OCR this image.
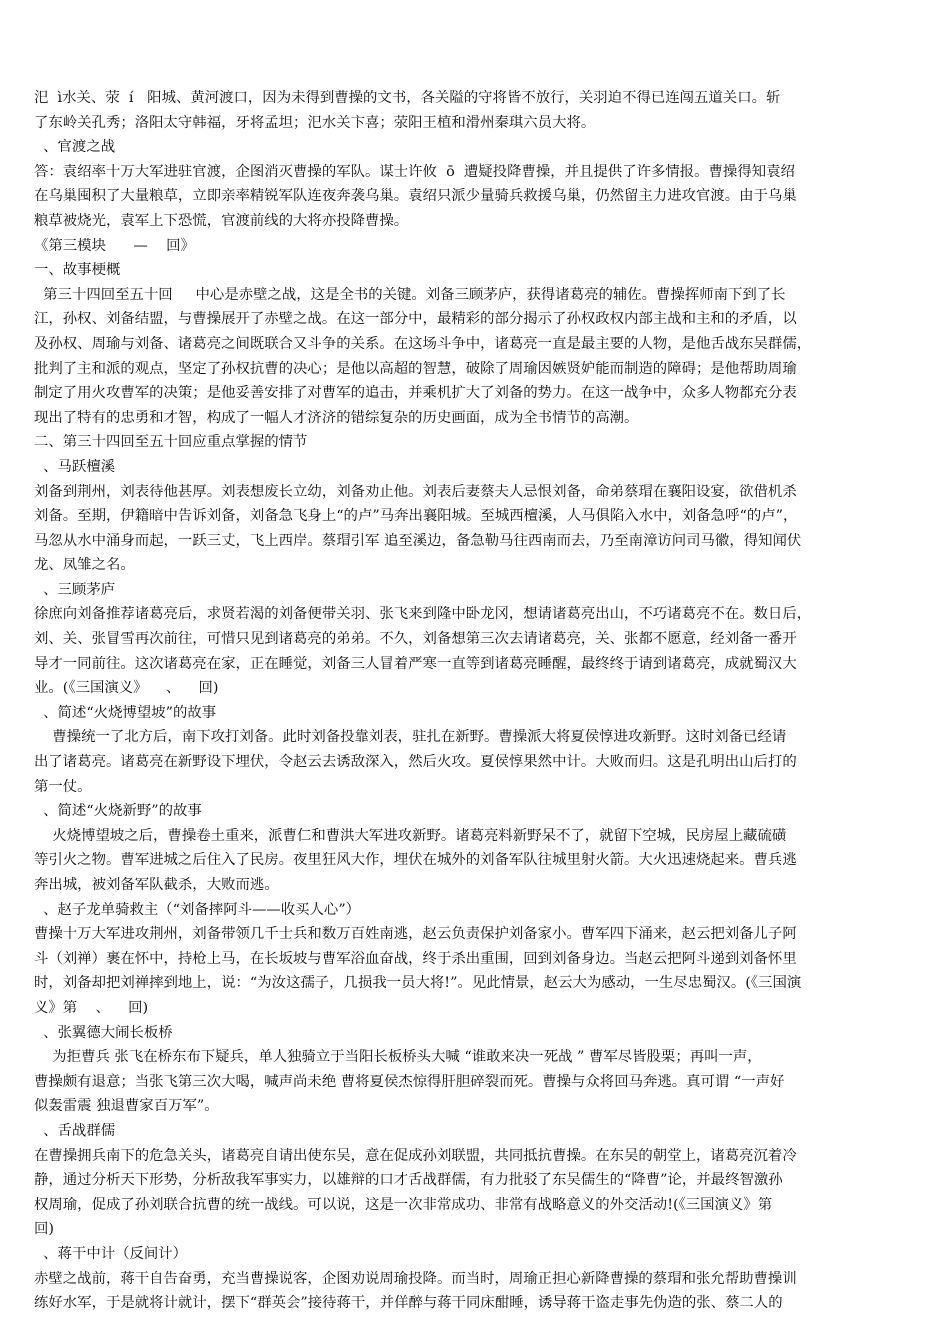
汜  ì水关、荥  í   阳城、黄河渡口，因为未得到曹操的文书，各关隘的守将皆不放行，关羽迫不得已连闯五道关口。斩

了东岭关孔秀；洛阳太守韩福，牙将孟坦；汜水关卞喜；荥阳王植和滑州秦琪六员大将。

、官渡之战

答：袁绍率十万大军进驻官渡，企图消灭曹操的军队。谋士许攸  ō  遭疑投降曹操，并且提供了许多情报。曹操得知袁绍

在乌巢囤积了大量粮草，立即亲率精锐军队连夜奔袭乌巢。袁绍只派少量骑兵救援乌巢，仍然留主力进攻官渡。由于乌巢

粮草被烧光，袁军上下恐慌，官渡前线的大将亦投降曹操。

《第三模块      —    回》

一、故事梗概

第三十四回至五十回     中心是赤壁之战，这是全书的关键。刘备三顾茅庐，获得诸葛亮的辅佐。曹操挥师南下到了长

江，孙权、刘备结盟，与曹操展开了赤壁之战。在这一部分中，最精彩的部分揭示了孙权政权内部主战和主和的矛盾，以

及孙权、周瑜与刘备、诸葛亮之间既联合又斗争的关系。在这场斗争中，诸葛亮一直是最主要的人物，是他舌战东吴群儒，

批判了主和派的观点，坚定了孙权抗曹的决心；是他以高超的智慧，破除了周瑜因嫉贤妒能而制造的障碍；是他帮助周瑜

制定了用火攻曹军的决策；是他妥善安排了对曹军的追击，并乘机扩大了刘备的势力。在这一战争中，众多人物都充分表

现出了特有的忠勇和才智，构成了一幅人才济济的错综复杂的历史画面，成为全书情节的高潮。

二、第三十四回至五十回应重点掌握的情节

、马跃檀溪

刘备到荆州，刘表待他甚厚。刘表想废长立幼，刘备劝止他。刘表后妻蔡夫人忌恨刘备，命弟蔡瑁在襄阳设宴，欲借机杀

刘备。至期，伊籍暗中告诉刘备，刘备急飞身上“的卢”马奔出襄阳城。至城西檀溪，人马俱陷入水中，刘备急呼“的卢”，

马忽从水中涌身而起，一跃三丈，飞上西岸。蔡瑁引军 追至溪边，备急勒马往西南而去，乃至南漳访问司马徽，得知闻伏

龙、凤雏之名。

、三顾茅庐

徐庶向刘备推荐诸葛亮后，求贤若渴的刘备便带关羽、张飞来到隆中卧龙冈，想请诸葛亮出山，不巧诸葛亮不在。数日后，

刘、关、张冒雪再次前往，可惜只见到诸葛亮的弟弟。不久，刘备想第三次去请诸葛亮，关、张都不愿意，经刘备一番开

导才一同前往。这次诸葛亮在家，正在睡觉，刘备三人冒着严寒一直等到诸葛亮睡醒，最终终于请到诸葛亮，成就蜀汉大

业。(《三国演义》    、    回)

、简述“火烧博望坡”的故事

曹操统一了北方后，南下攻打刘备。此时刘备投靠刘表，驻扎在新野。曹操派大将夏侯惇进攻新野。这时刘备已经请

出了诸葛亮。诸葛亮在新野设下埋伏，令赵云去诱敌深入，然后火攻。夏侯惇果然中计。大败而归。这是孔明出山后打的

第一仗。

、简述“火烧新野”的故事

火烧博望坡之后，曹操卷土重来，派曹仁和曹洪大军进攻新野。诸葛亮料新野呆不了，就留下空城，民房屋上藏硫磺

等引火之物。曹军进城之后住入了民房。夜里狂风大作，埋伏在城外的刘备军队往城里射火箭。大火迅速烧起来。曹兵逃

奔出城，被刘备军队截杀，大败而逃。

、赵子龙单骑救主（“刘备摔阿斗——收买人心”）

曹操十万大军进攻荆州，刘备带领几千士兵和数万百姓南逃，赵云负责保护刘备家小。曹军四下涌来，赵云把刘备儿子阿

斗（刘禅）裹在怀中，持枪上马，在长坂坡与曹军浴血奋战，终于杀出重围，回到刘备身边。当赵云把阿斗递到刘备怀里

时，刘备却把刘禅摔到地上，说：“为汝这孺子，几损我一员大将!”。见此情景，赵云大为感动，一生尽忠蜀汉。(《三国演

义》第    、    回)

、张翼德大闹长板桥

为拒曹兵 张飞在桥东布下疑兵，单人独骑立于当阳长板桥头大喊 “谁敢来决一死战 ” 曹军尽皆股栗；再叫一声，

曹操颇有退意；当张飞第三次大喝，喊声尚未绝 曹将夏侯杰惊得肝胆碎裂而死。曹操与众将回马奔逃。真可谓 “一声好

似轰雷震 独退曹家百万军”。

、舌战群儒

在曹操拥兵南下的危急关头，诸葛亮自请出使东吴，意在促成孙刘联盟，共同抵抗曹操。在东吴的朝堂上，诸葛亮沉着冷

静，通过分析天下形势，分析敌我军事实力，以雄辩的口才舌战群儒，有力批驳了东吴儒生的“降曹”论，并最终智激孙

权周瑜，促成了孙刘联合抗曹的统一战线。可以说，这是一次非常成功、非常有战略意义的外交活动!(《三国演义》第

回)

、蒋干中计（反间计）

赤壁之战前，蒋干自告奋勇，充当曹操说客，企图劝说周瑜投降。而当时，周瑜正担心新降曹操的蔡瑁和张允帮助曹操训

练好水军，于是就将计就计，摆下“群英会”接待蒋干，并佯醉与蒋干同床酣睡，诱导蒋干盗走事先伪造的张、蔡二人的
